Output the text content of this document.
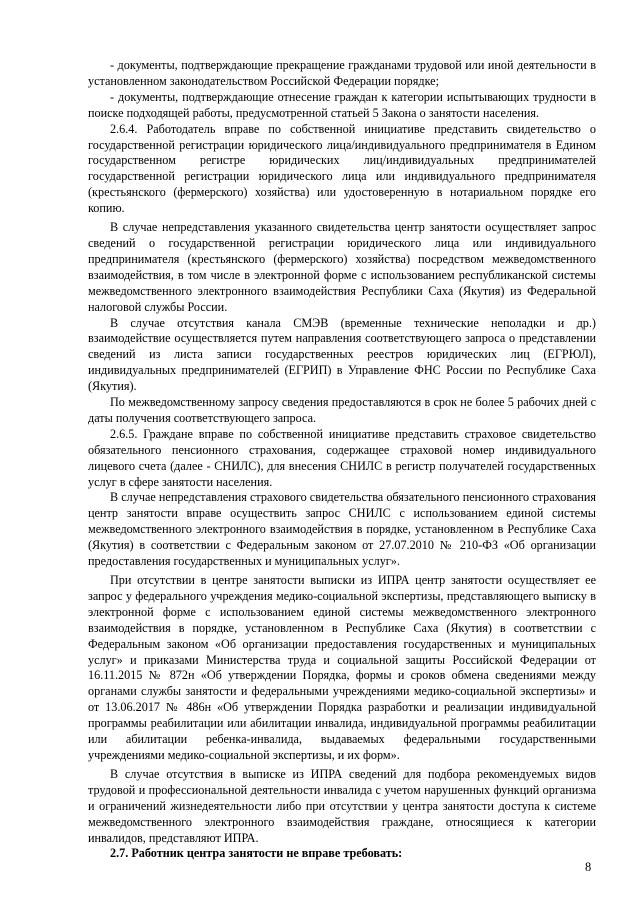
- документы, подтверждающие прекращение гражданами трудовой или иной деятельности в установленном законодательством Российской Федерации порядке;

- документы, подтверждающие отнесение граждан к категории испытывающих трудности в поиске подходящей работы, предусмотренной статьей 5 Закона о занятости населения.

2.6.4. Работодатель вправе по собственной инициативе представить свидетельство о государственной регистрации юридического лица/индивидуального предпринимателя в Едином государственном регистре юридических лиц/индивидуальных предпринимателей государственной регистрации юридического лица или индивидуального предпринимателя (крестьянского (фермерского) хозяйства) или удостоверенную в нотариальном порядке его копию.

В случае непредставления указанного свидетельства центр занятости осуществляет запрос сведений о государственной регистрации юридического лица или индивидуального предпринимателя (крестьянского (фермерского) хозяйства) посредством межведомственного взаимодействия, в том числе в электронной форме с использованием республиканской системы межведомственного электронного взаимодействия Республики Саха (Якутия) из Федеральной налоговой службы России.

В случае отсутствия канала СМЭВ (временные технические неполадки и др.) взаимодействие осуществляется путем направления соответствующего запроса о представлении сведений из листа записи государственных реестров юридических лиц (ЕГРЮЛ), индивидуальных предпринимателей (ЕГРИП) в Управление ФНС России по Республике Саха (Якутия).

По межведомственному запросу сведения предоставляются в срок не более 5 рабочих дней с даты получения соответствующего запроса.

2.6.5. Граждане вправе по собственной инициативе представить страховое свидетельство обязательного пенсионного страхования, содержащее страховой номер индивидуального лицевого счета (далее - СНИЛС), для внесения СНИЛС в регистр получателей государственных услуг в сфере занятости населения.

В случае непредставления страхового свидетельства обязательного пенсионного страхования центр занятости вправе осуществить запрос СНИЛС с использованием единой системы межведомственного электронного взаимодействия в порядке, установленном в Республике Саха (Якутия) в соответствии с Федеральным законом от 27.07.2010 № 210-ФЗ «Об организации предоставления государственных и муниципальных услуг».

При отсутствии в центре занятости выписки из ИПРА центр занятости осуществляет ее запрос у федерального учреждения медико-социальной экспертизы, представляющего выписку в электронной форме с использованием единой системы межведомственного электронного взаимодействия в порядке, установленном в Республике Саха (Якутия) в соответствии с Федеральным законом «Об организации предоставления государственных и муниципальных услуг» и приказами Министерства труда и социальной защиты Российской Федерации от 16.11.2015 № 872н «Об утверждении Порядка, формы и сроков обмена сведениями между органами службы занятости и федеральными учреждениями медико-социальной экспертизы» и от 13.06.2017 № 486н «Об утверждении Порядка разработки и реализации индивидуальной программы реабилитации или абилитации инвалида, индивидуальной программы реабилитации или абилитации ребенка-инвалида, выдаваемых федеральными государственными учреждениями медико-социальной экспертизы, и их форм».

В случае отсутствия в выписке из ИПРА сведений для подбора рекомендуемых видов трудовой и профессиональной деятельности инвалида с учетом нарушенных функций организма и ограничений жизнедеятельности либо при отсутствии у центра занятости доступа к системе межведомственного электронного взаимодействия граждане, относящиеся к категории инвалидов, представляют ИПРА.

2.7. Работник центра занятости не вправе требовать:

8
